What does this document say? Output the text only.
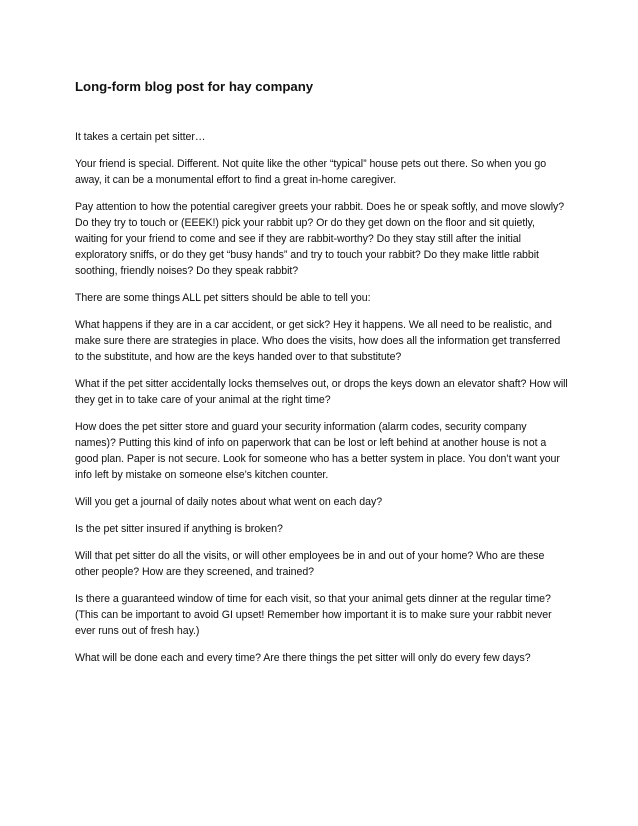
Long-form blog post for hay company

It takes a certain pet sitter…

Your friend is special. Different. Not quite like the other “typical” house pets out there. So when you go away, it can be a monumental effort to find a great in-home caregiver.

Pay attention to how the potential caregiver greets your rabbit. Does he or speak softly, and move slowly? Do they try to touch or (EEEK!) pick your rabbit up? Or do they get down on the floor and sit quietly, waiting for your friend to come and see if they are rabbit-worthy? Do they stay still after the initial exploratory sniffs, or do they get “busy hands” and try to touch your rabbit? Do they make little rabbit soothing, friendly noises? Do they speak rabbit?

There are some things ALL pet sitters should be able to tell you:

What happens if they are in a car accident, or get sick? Hey it happens. We all need to be realistic, and make sure there are strategies in place. Who does the visits, how does all the information get transferred to the substitute, and how are the keys handed over to that substitute?

What if the pet sitter accidentally locks themselves out, or drops the keys down an elevator shaft? How will they get in to take care of your animal at the right time?

How does the pet sitter store and guard your security information (alarm codes, security company names)? Putting this kind of info on paperwork that can be lost or left behind at another house is not a good plan. Paper is not secure. Look for someone who has a better system in place. You don’t want your info left by mistake on someone else’s kitchen counter.

Will you get a journal of daily notes about what went on each day?

Is the pet sitter insured if anything is broken?

Will that pet sitter do all the visits, or will other employees be in and out of your home? Who are these other people? How are they screened, and trained?

Is there a guaranteed window of time for each visit, so that your animal gets dinner at the regular time? (This can be important to avoid GI upset! Remember how important it is to make sure your rabbit never ever runs out of fresh hay.)

What will be done each and every time? Are there things the pet sitter will only do every few days?
